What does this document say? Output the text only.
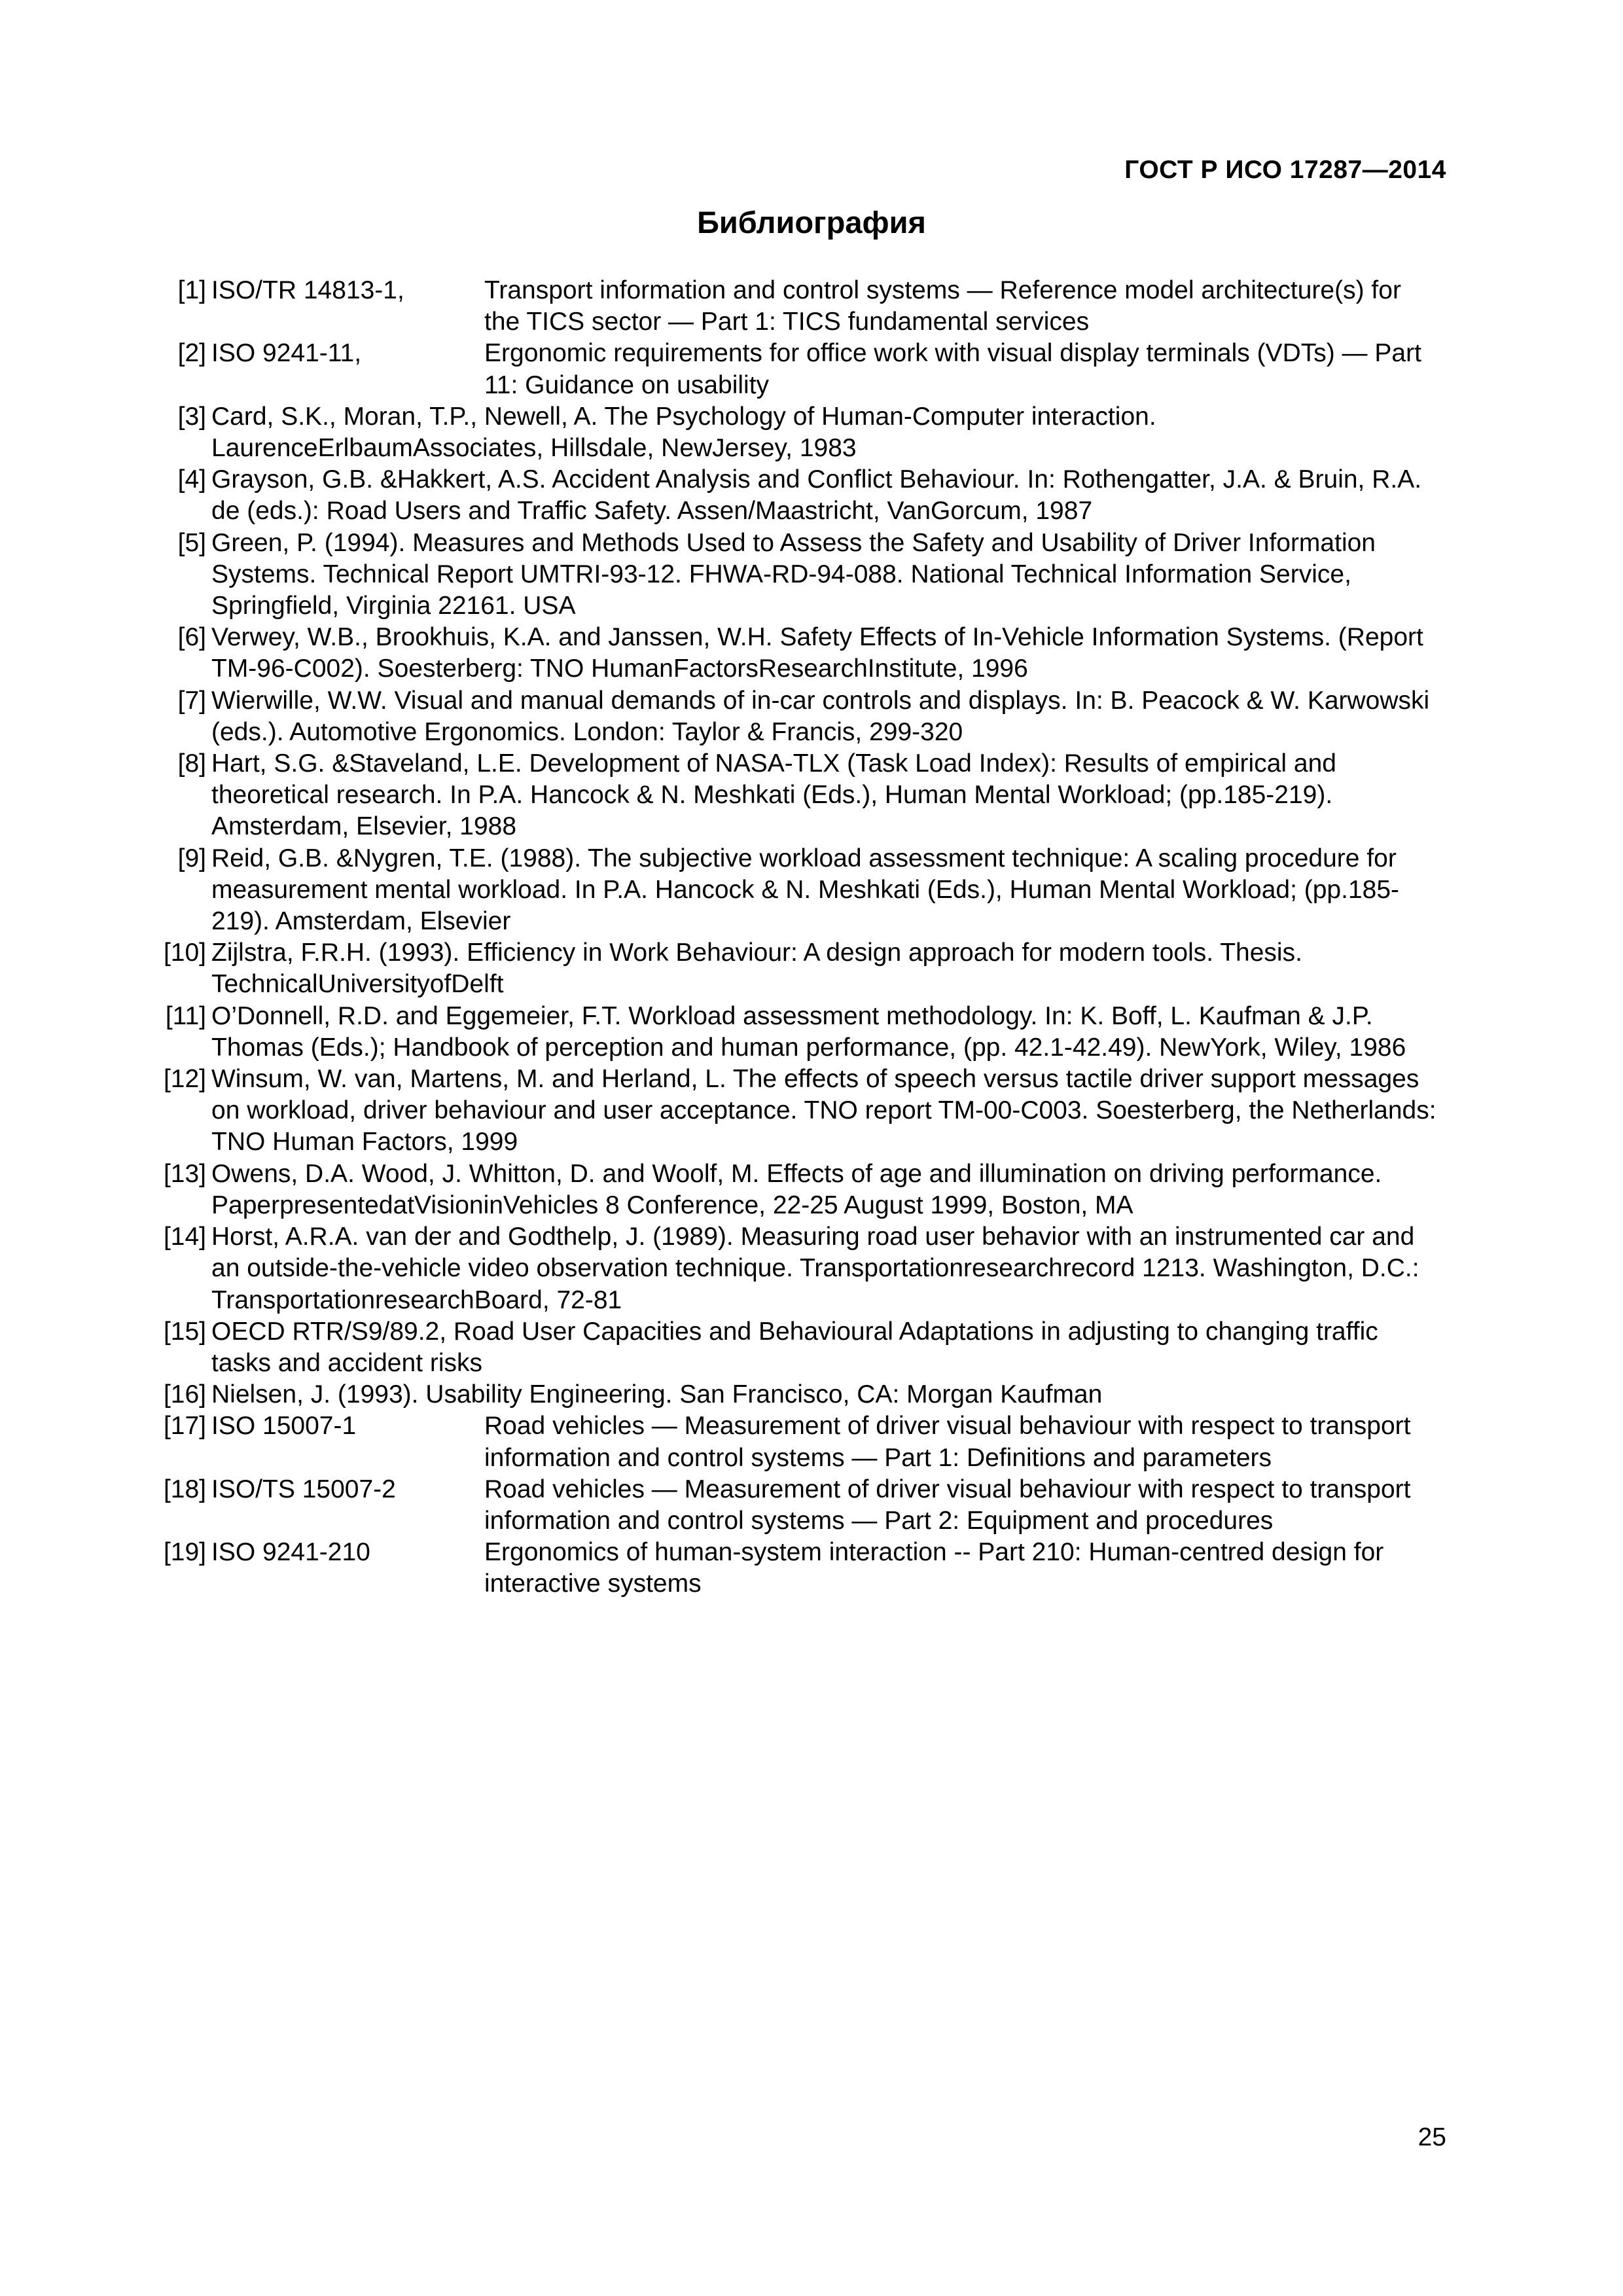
ГОСТ Р ИСО 17287—2014
Библиография
[1] ISO/TR 14813-1,	Transport information and control systems — Reference model architecture(s) for the TICS sector — Part 1: TICS fundamental services
[2] ISO 9241-11,	Ergonomic requirements for office work with visual display terminals (VDTs) — Part 11: Guidance on usability
[3] Card, S.K., Moran, T.P., Newell, A. The Psychology of Human-Computer interaction. LaurenceErlbaumAssociates, Hillsdale, NewJersey, 1983
[4] Grayson, G.B. &Hakkert, A.S. Accident Analysis and Conflict Behaviour. In: Rothengatter, J.A. & Bruin, R.A. de (eds.): Road Users and Traffic Safety. Assen/Maastricht, VanGorcum, 1987
[5] Green, P. (1994). Measures and Methods Used to Assess the Safety and Usability of Driver Information Systems. Technical Report UMTRI-93-12. FHWA-RD-94-088. National Technical Information Service, Springfield, Virginia 22161. USA
[6] Verwey, W.B., Brookhuis, K.A. and Janssen, W.H. Safety Effects of In-Vehicle Information Systems. (Report TM-96-C002). Soesterberg: TNO HumanFactorsResearchInstitute, 1996
[7] Wierwille, W.W. Visual and manual demands of in-car controls and displays. In: B. Peacock & W. Karwowski (eds.). Automotive Ergonomics. London: Taylor & Francis, 299-320
[8] Hart, S.G. &Staveland, L.E. Development of NASA-TLX (Task Load Index): Results of empirical and theoretical research. In P.A. Hancock & N. Meshkati (Eds.), Human Mental Workload; (pp.185-219). Amsterdam, Elsevier, 1988
[9] Reid, G.B. &Nygren, T.E. (1988). The subjective workload assessment technique: A scaling procedure for measurement mental workload. In P.A. Hancock & N. Meshkati (Eds.), Human Mental Workload; (pp.185-219). Amsterdam, Elsevier
[10] Zijlstra, F.R.H. (1993). Efficiency in Work Behaviour: A design approach for modern tools. Thesis. TechnicalUniversityofDelft
[11] O’Donnell, R.D. and Eggemeier, F.T. Workload assessment methodology. In: K. Boff, L. Kaufman & J.P. Thomas (Eds.); Handbook of perception and human performance, (pp. 42.1-42.49). NewYork, Wiley, 1986
[12] Winsum, W. van, Martens, M. and Herland, L. The effects of speech versus tactile driver support messages on workload, driver behaviour and user acceptance. TNO report TM-00-C003. Soesterberg, the Netherlands: TNO Human Factors, 1999
[13] Owens, D.A. Wood, J. Whitton, D. and Woolf, M. Effects of age and illumination on driving performance. PaperpresentedatVisioninVehicles 8 Conference, 22-25 August 1999, Boston, MA
[14] Horst, A.R.A. van der and Godthelp, J. (1989). Measuring road user behavior with an instrumented car and an outside-the-vehicle video observation technique. Transportationresearchrecord 1213. Washington, D.C.: TransportationresearchBoard, 72-81
[15] OECD RTR/S9/89.2, Road User Capacities and Behavioural Adaptations in adjusting to changing traffic tasks and accident risks
[16] Nielsen, J. (1993). Usability Engineering. San Francisco, CA: Morgan Kaufman
[17] ISO 15007-1	Road vehicles — Measurement of driver visual behaviour with respect to transport information and control systems — Part 1: Definitions and parameters
[18] ISO/TS 15007-2	Road vehicles — Measurement of driver visual behaviour with respect to transport information and control systems — Part 2: Equipment and procedures
[19] ISO 9241-210	Ergonomics of human-system interaction -- Part 210: Human-centred design for interactive systems
25
